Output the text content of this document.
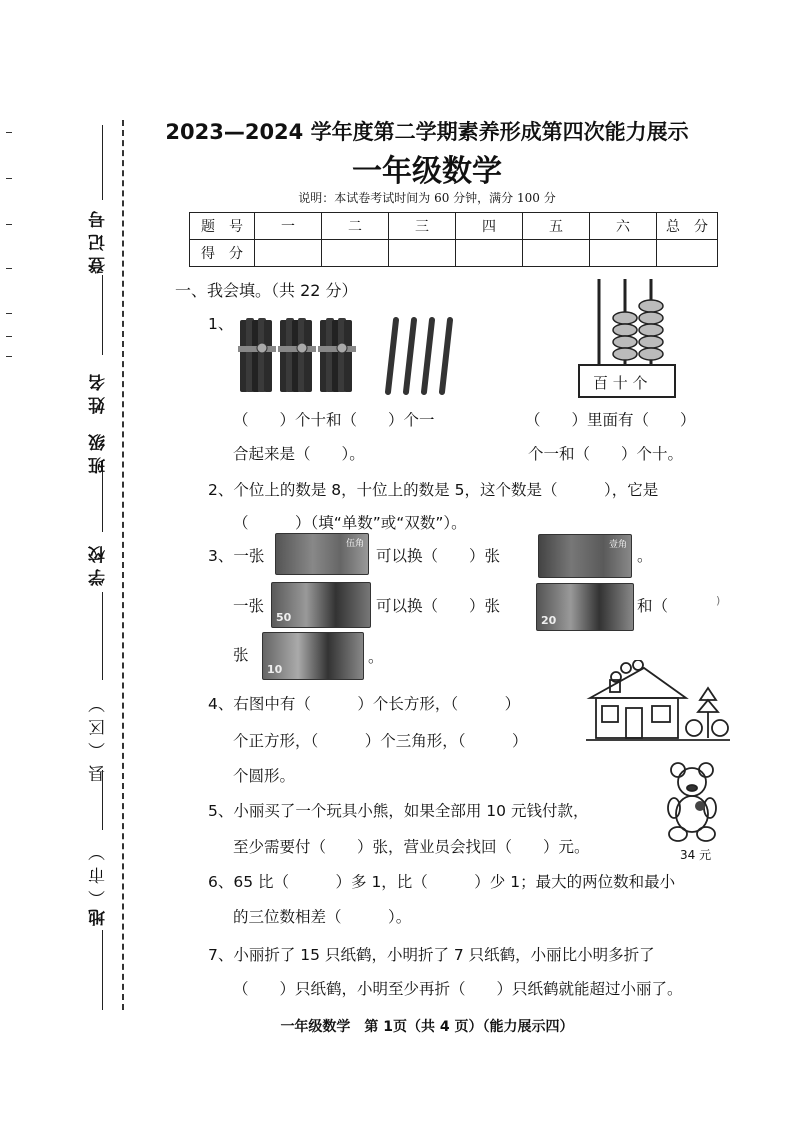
登记号
姓名
班级
学校
县（区）
（市）
地
2023—2024 学年度第二学期素养形成第四次能力展示
一年级数学
说明：本试卷考试时间为 60 分钟，满分 100 分
题　号	一	二	三	四	五	六	总　分
得　分							
一、我会填。（共 22 分）
1、
百 十 个
（　　）个十和（　　）个一	（　　）里面有（　　）
合起来是（　　）。	个一和（　　）个十。
2、个位上的数是 8，十位上的数是 5，这个数是（　　　），它是
（　　　）（填“单数”或“双数”）。
3、一张
伍角
可以换（　　）张
壹角
。
一张
50
可以换（　　）张
20
和（	)
张
10
。
4、右图中有（　　　）个长方形，（　　　）
个正方形，（　　　）个三角形，（　　　）
个圆形。
5、小丽买了一个玩具小熊，如果全部用 10 元钱付款，
至少需要付（　　）张，营业员会找回（　　）元。	34 元
6、65 比（　　　）多 1，比（　　　）少 1；最大的两位数和最小
的三位数相差（　　　）。
7、小丽折了 15 只纸鹤，小明折了 7 只纸鹤，小丽比小明多折了
（　　）只纸鹤，小明至少再折（　　）只纸鹤就能超过小丽了。
一年级数学　第 1页（共 4 页）（能力展示四）
